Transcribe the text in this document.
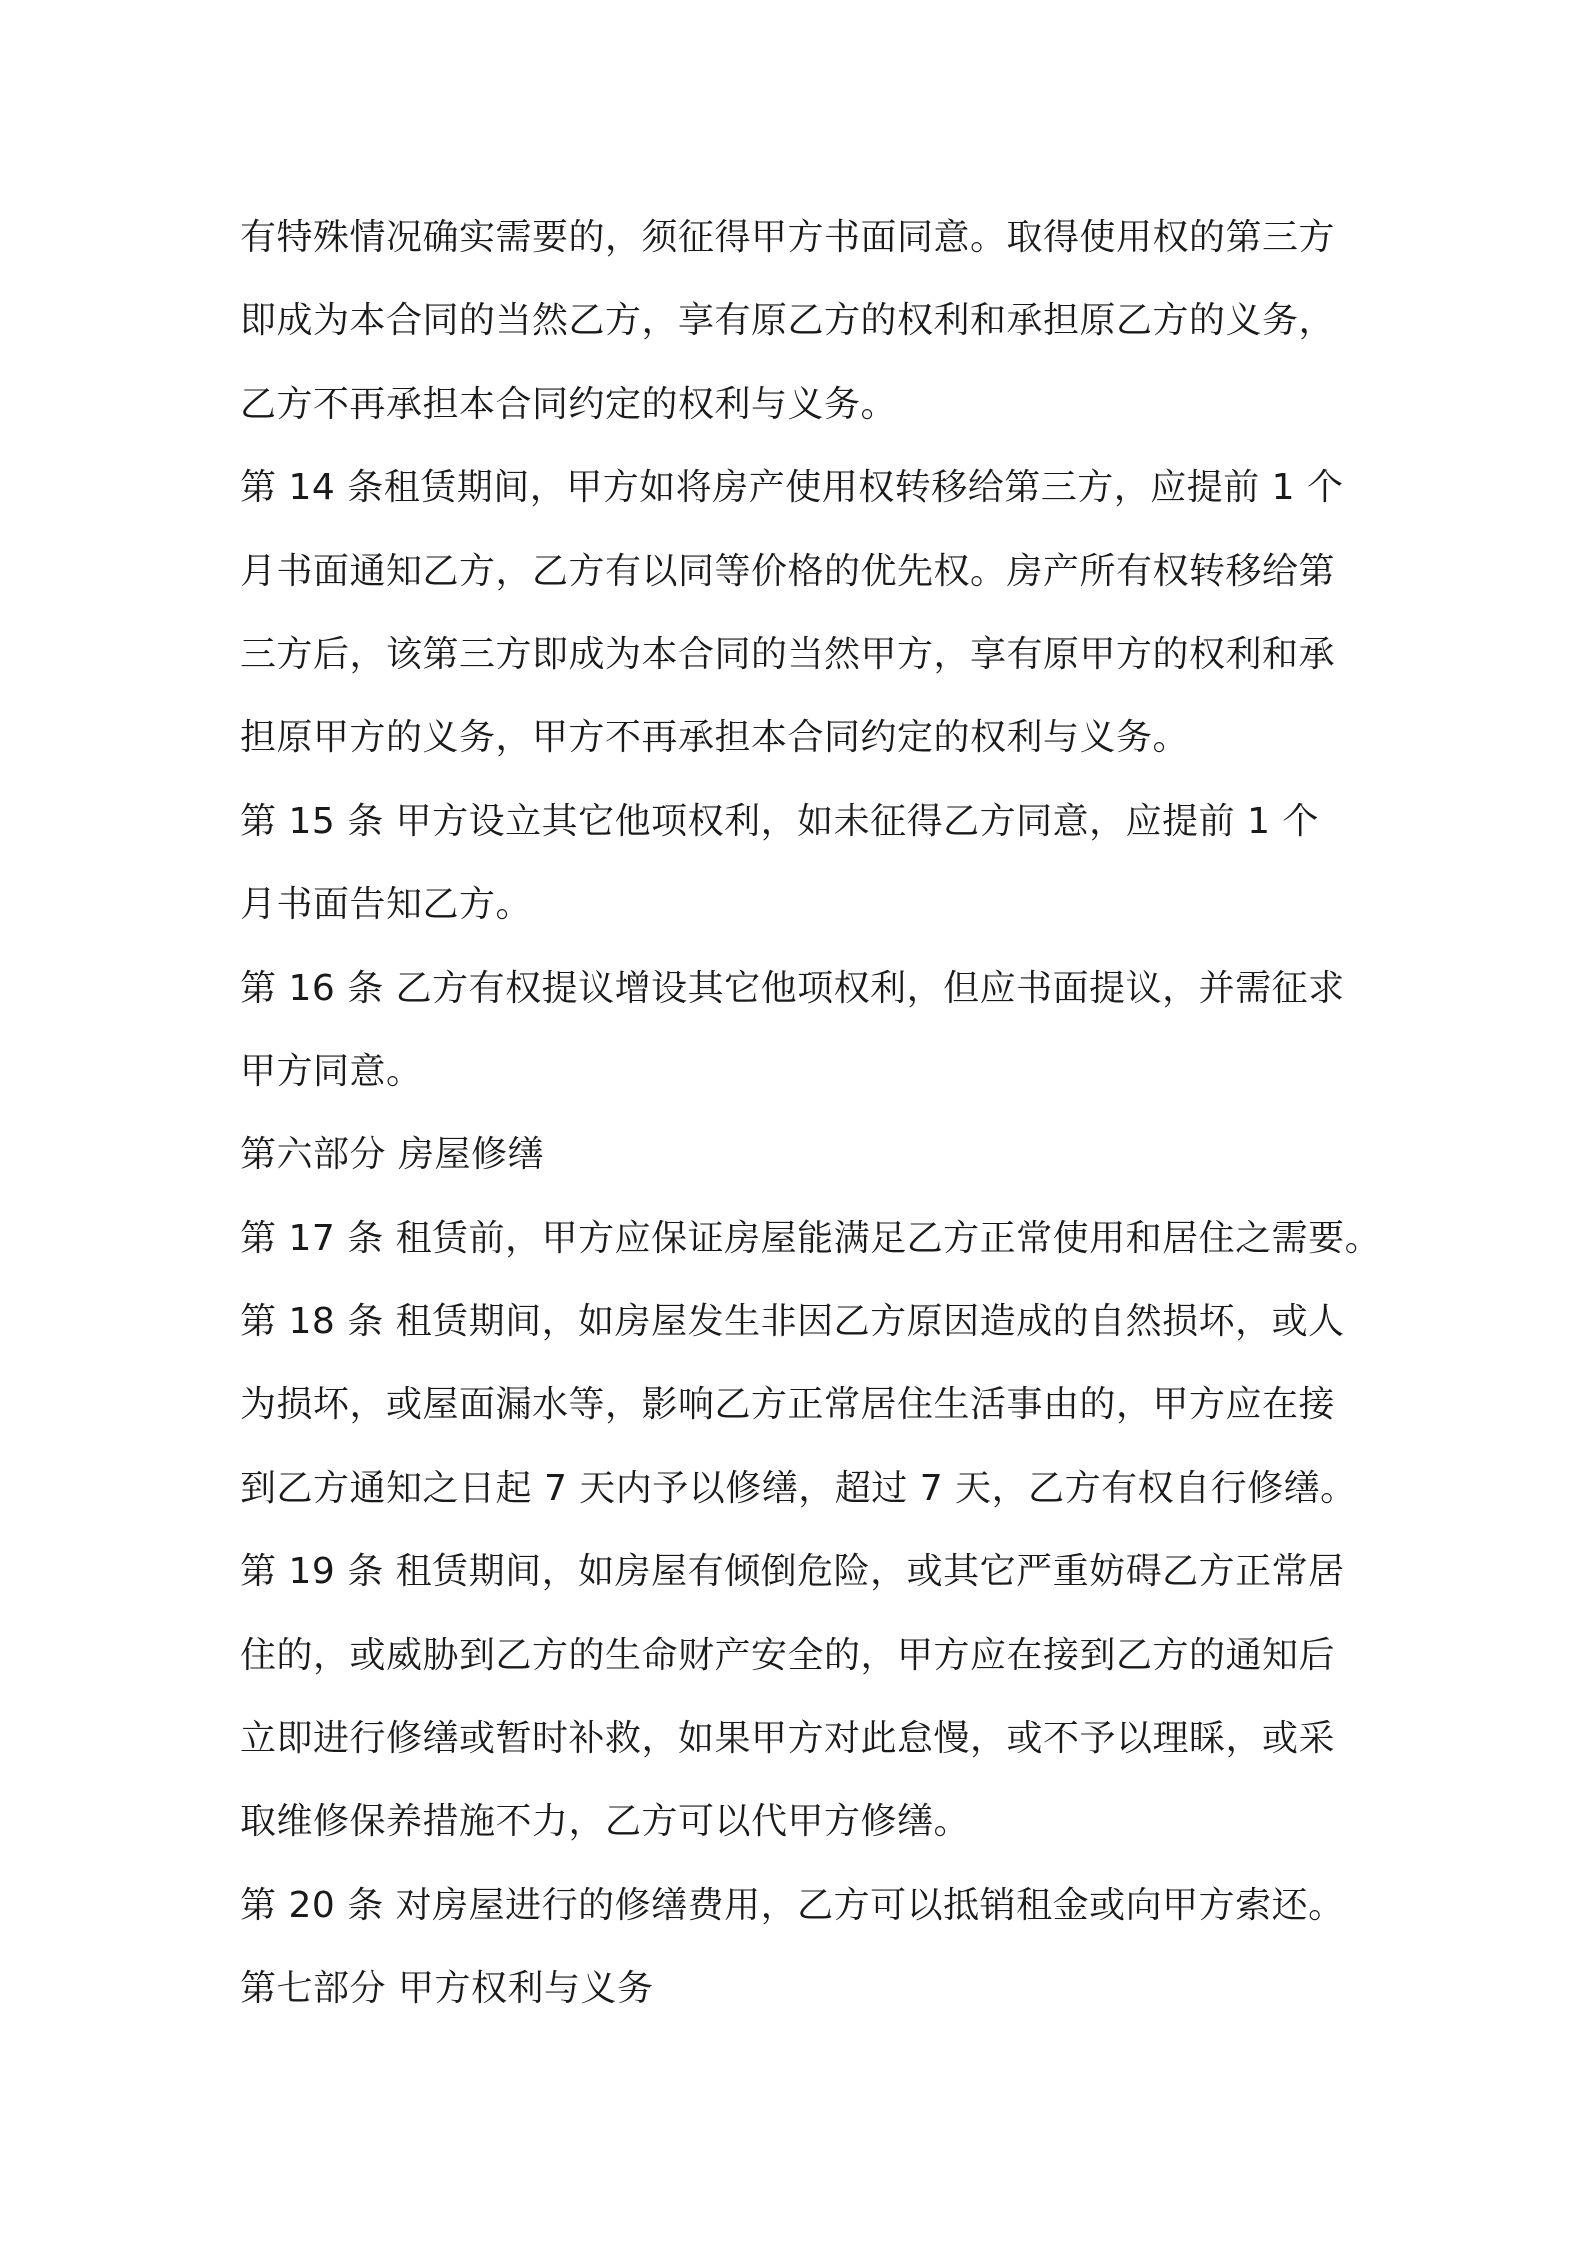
有特殊情况确实需要的，须征得甲方书面同意。取得使用权的第三方
即成为本合同的当然乙方，享有原乙方的权利和承担原乙方的义务，
乙方不再承担本合同约定的权利与义务。
第 14 条租赁期间，甲方如将房产使用权转移给第三方，应提前 1 个
月书面通知乙方，乙方有以同等价格的优先权。房产所有权转移给第
三方后，该第三方即成为本合同的当然甲方，享有原甲方的权利和承
担原甲方的义务，甲方不再承担本合同约定的权利与义务。
第 15 条 甲方设立其它他项权利，如未征得乙方同意，应提前 1 个
月书面告知乙方。
第 16 条 乙方有权提议增设其它他项权利，但应书面提议，并需征求
甲方同意。
第六部分 房屋修缮
第 17 条 租赁前，甲方应保证房屋能满足乙方正常使用和居住之需要。
第 18 条 租赁期间，如房屋发生非因乙方原因造成的自然损坏，或人
为损坏，或屋面漏水等，影响乙方正常居住生活事由的，甲方应在接
到乙方通知之日起 7 天内予以修缮，超过 7 天，乙方有权自行修缮。
第 19 条 租赁期间，如房屋有倾倒危险，或其它严重妨碍乙方正常居
住的，或威胁到乙方的生命财产安全的，甲方应在接到乙方的通知后
立即进行修缮或暂时补救，如果甲方对此怠慢，或不予以理睬，或采
取维修保养措施不力，乙方可以代甲方修缮。
第 20 条 对房屋进行的修缮费用，乙方可以抵销租金或向甲方索还。
第七部分 甲方权利与义务
